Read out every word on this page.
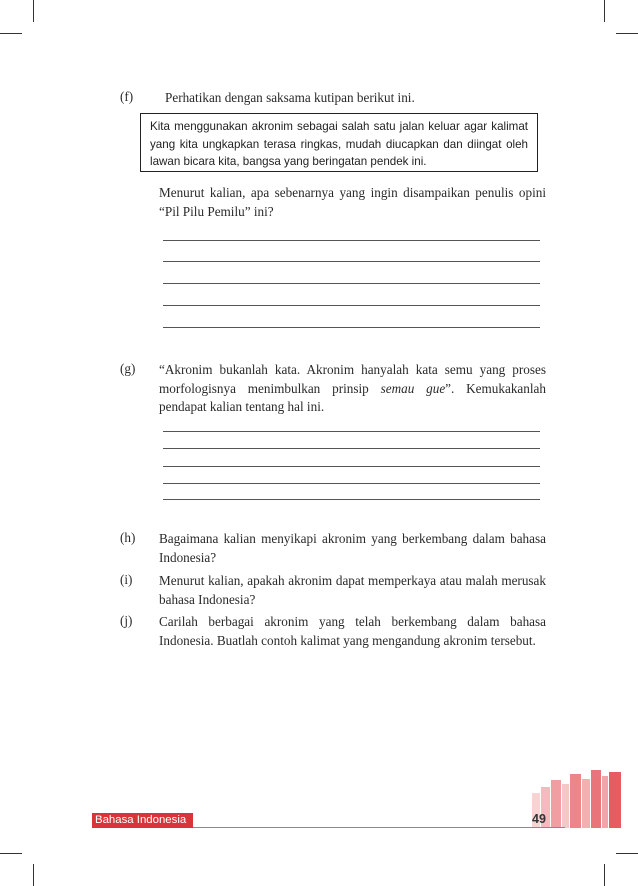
(f)	Perhatikan dengan saksama kutipan berikut ini.

Kita menggunakan akronim sebagai salah satu jalan keluar agar kalimat yang kita ungkapkan terasa ringkas, mudah diucapkan dan diingat oleh lawan bicara kita, bangsa yang beringatan pendek ini.

Menurut kalian, apa sebenarnya yang ingin disampaikan penulis opini “Pil Pilu Pemilu” ini?
(g)	“Akronim bukanlah kata. Akronim hanyalah kata semu yang proses morfologisnya menimbulkan prinsip semau gue”. Kemukakanlah pendapat kalian tentang hal ini.
(h)	Bagaimana kalian menyikapi akronim yang berkembang dalam bahasa Indonesia?
(i)	Menurut kalian, apakah akronim dapat memperkaya atau malah merusak bahasa Indonesia?
(j)	Carilah berbagai akronim yang telah berkembang dalam bahasa Indonesia. Buatlah contoh kalimat yang mengandung akronim tersebut.
Bahasa Indonesia	49
